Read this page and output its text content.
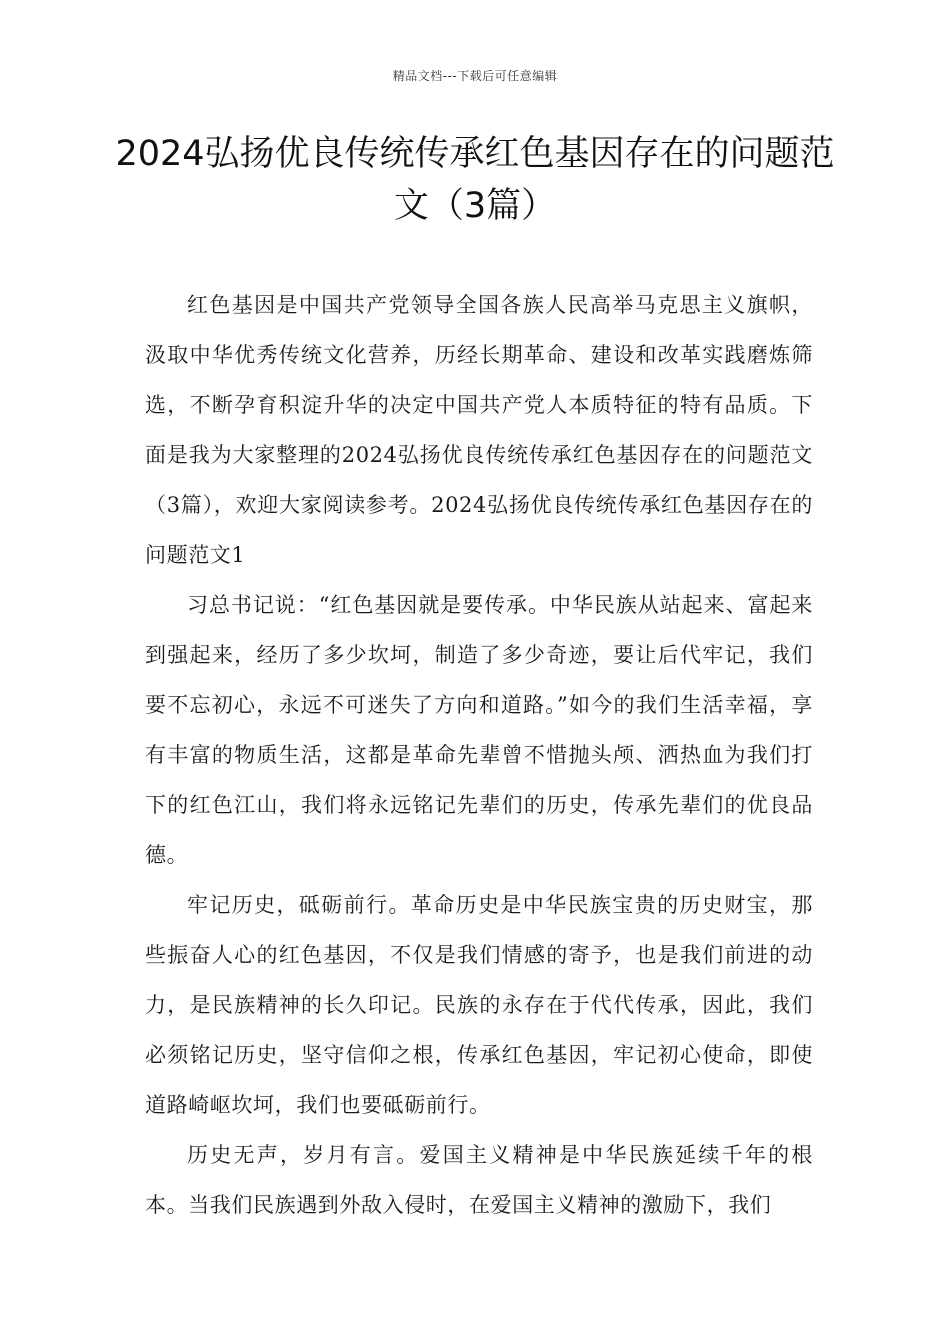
精品文档---下载后可任意编辑
2024弘扬优良传统传承红色基因存在的问题范文（3篇）

红色基因是中国共产党领导全国各族人民高举马克思主义旗帜，汲取中华优秀传统文化营养，历经长期革命、建设和改革实践磨炼筛选，不断孕育积淀升华的决定中国共产党人本质特征的特有品质。下面是我为大家整理的2024弘扬优良传统传承红色基因存在的问题范文（3篇），欢迎大家阅读参考。2024弘扬优良传统传承红色基因存在的问题范文1

习总书记说：“红色基因就是要传承。中华民族从站起来、富起来到强起来，经历了多少坎坷，制造了多少奇迹，要让后代牢记，我们要不忘初心，永远不可迷失了方向和道路。”如今的我们生活幸福，享有丰富的物质生活，这都是革命先辈曾不惜抛头颅、洒热血为我们打下的红色江山，我们将永远铭记先辈们的历史，传承先辈们的优良品德。

牢记历史，砥砺前行。革命历史是中华民族宝贵的历史财宝，那些振奋人心的红色基因，不仅是我们情感的寄予，也是我们前进的动力，是民族精神的长久印记。民族的永存在于代代传承，因此，我们必须铭记历史，坚守信仰之根，传承红色基因，牢记初心使命，即使道路崎岖坎坷，我们也要砥砺前行。

历史无声，岁月有言。爱国主义精神是中华民族延续千年的根本。当我们民族遇到外敌入侵时，在爱国主义精神的激励下，我们
